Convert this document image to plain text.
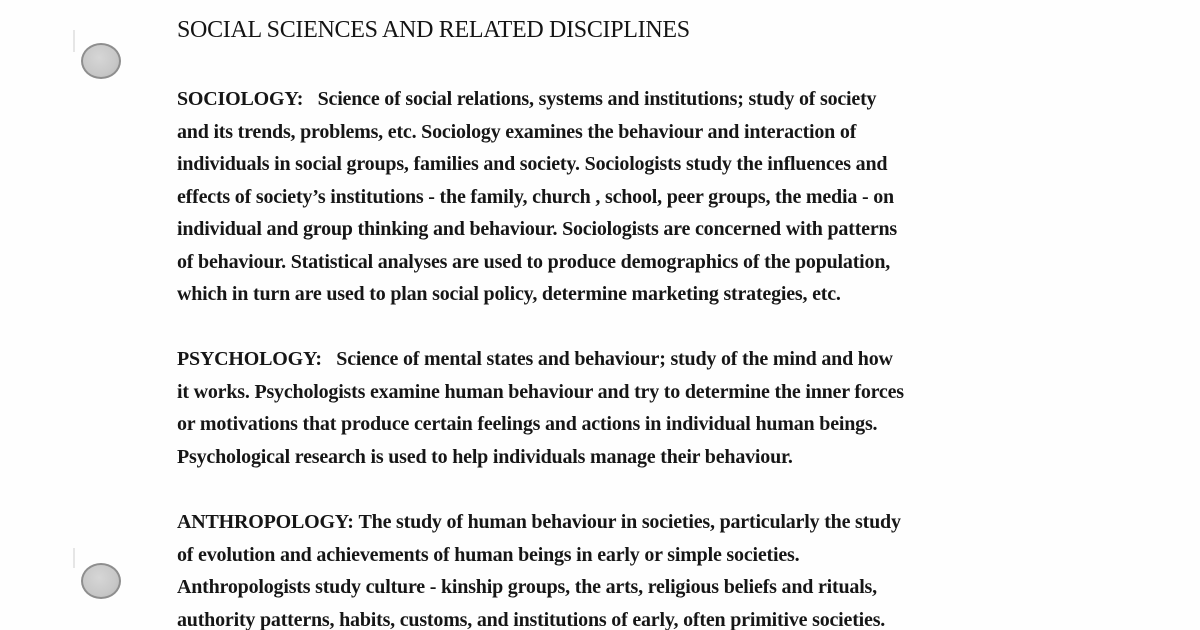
SOCIAL SCIENCES AND RELATED DISCIPLINES
SOCIOLOGY: Science of social relations, systems and institutions; study of society
and its trends, problems, etc. Sociology examines the behaviour and interaction of
individuals in social groups, families and society. Sociologists study the influences and
effects of society’s institutions - the family, church , school, peer groups, the media - on
individual and group thinking and behaviour. Sociologists are concerned with patterns
of behaviour. Statistical analyses are used to produce demographics of the population,
which in turn are used to plan social policy, determine marketing strategies, etc.
PSYCHOLOGY: Science of mental states and behaviour; study of the mind and how
it works. Psychologists examine human behaviour and try to determine the inner forces
or motivations that produce certain feelings and actions in individual human beings.
Psychological research is used to help individuals manage their behaviour.
ANTHROPOLOGY: The study of human behaviour in societies, particularly the study
of evolution and achievements of human beings in early or simple societies.
Anthropologists study culture - kinship groups, the arts, religious beliefs and rituals,
authority patterns, habits, customs, and institutions of early, often primitive societies.
